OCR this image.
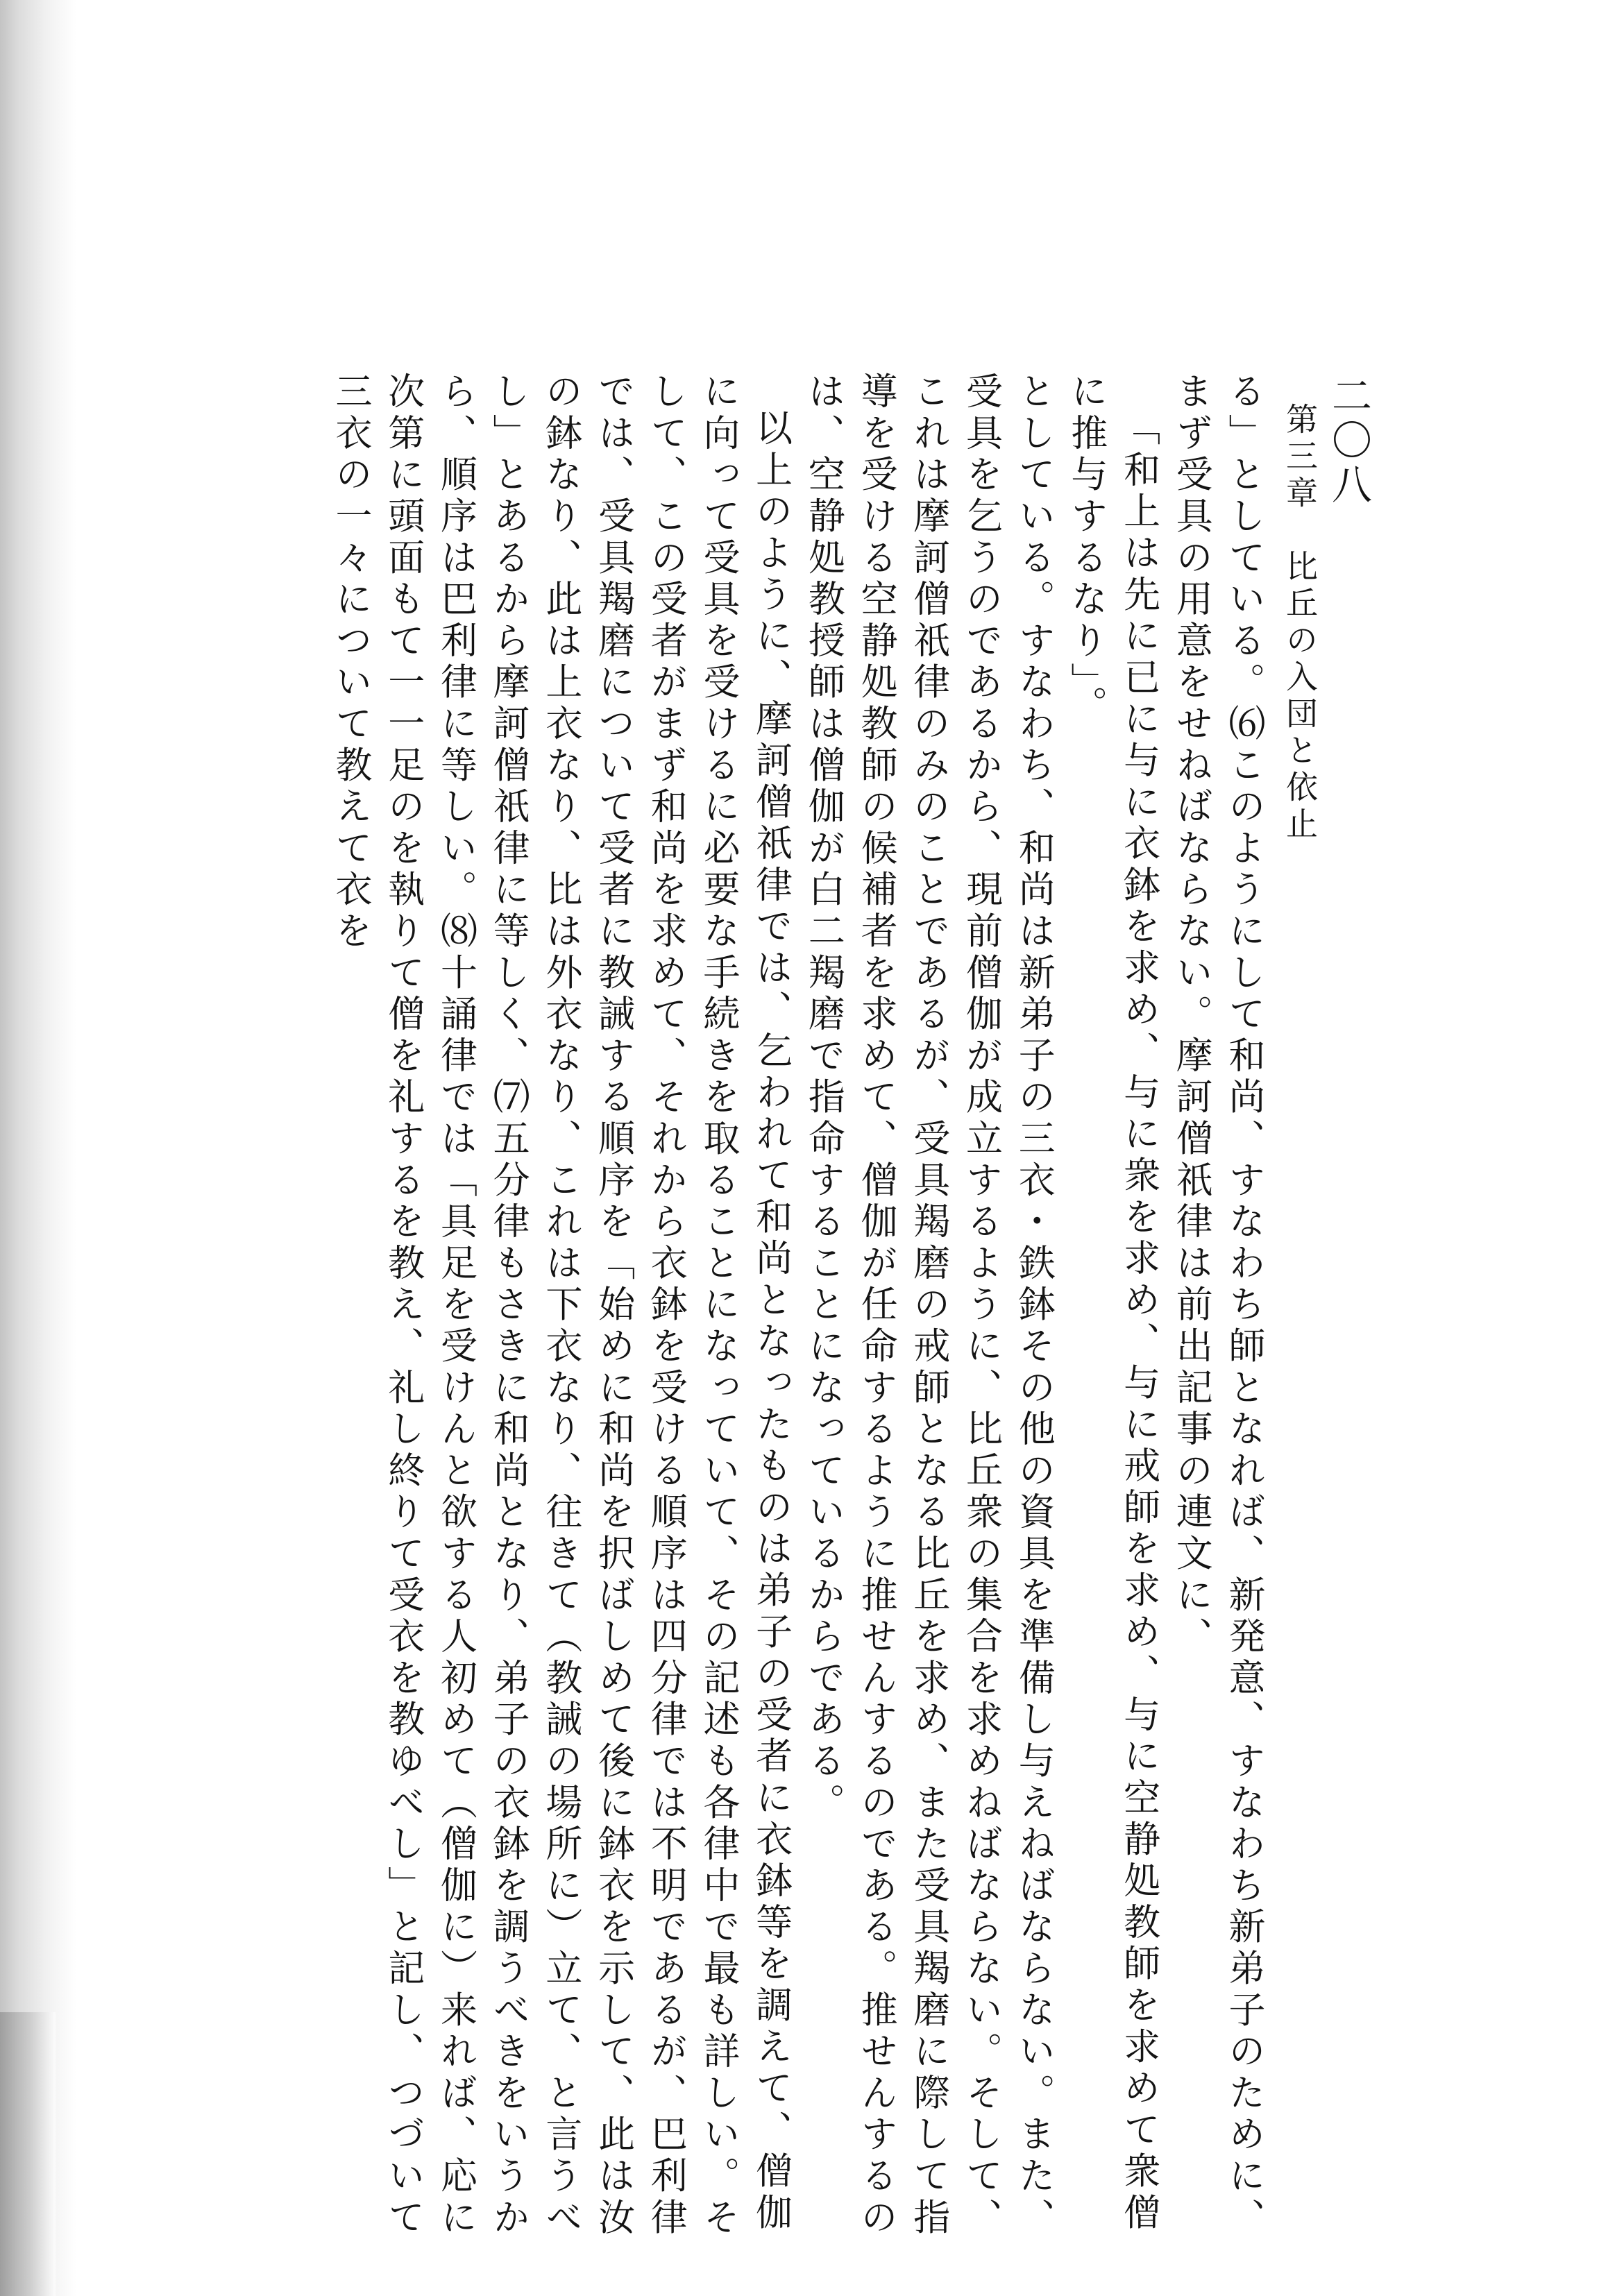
二〇八
第三章　比丘の入団と依止

る」としている。⑹このようにして和尚、すなわち師となれば、新発意、すなわち新弟子のために、まず受具の用意をせねばならない。摩訶僧祇律は前出記事の連文に、

「和上は先に已に与に衣鉢を求め、与に衆を求め、与に戒師を求め、与に空静処教師を求めて衆僧に推与するなり」。

としている。すなわち、和尚は新弟子の三衣・鉄鉢その他の資具を準備し与えねばならない。また、受具を乞うのであるから、現前僧伽が成立するように、比丘衆の集合を求めねばならない。そして、これは摩訶僧祇律のみのことであるが、受具羯磨の戒師となる比丘を求め、また受具羯磨に際して指導を受ける空静処教師の候補者を求めて、僧伽が任命するように推せんするのである。推せんするのは、空静処教授師は僧伽が白二羯磨で指命することになっているからである。

以上のように、摩訶僧祇律では、乞われて和尚となったものは弟子の受者に衣鉢等を調えて、僧伽に向って受具を受けるに必要な手続きを取ることになっていて、その記述も各律中で最も詳しい。そして、この受者がまず和尚を求めて、それから衣鉢を受ける順序は四分律では不明であるが、巴利律では、受具羯磨について受者に教誡する順序を「始めに和尚を択ばしめて後に鉢衣を示して、此は汝の鉢なり、此は上衣なり、比は外衣なり、これは下衣なり、往きて（教誡の場所に）立て、と言うべし」とあるから摩訶僧祇律に等しく、⑺五分律もさきに和尚となり、弟子の衣鉢を調うべきをいうから、順序は巴利律に等しい。⑻十誦律では「具足を受けんと欲する人初めて（僧伽に）来れば、応に次第に頭面もて一一足のを執りて僧を礼するを教え、礼し終りて受衣を教ゆべし」と記し、つづいて三衣の一々について教えて衣を
